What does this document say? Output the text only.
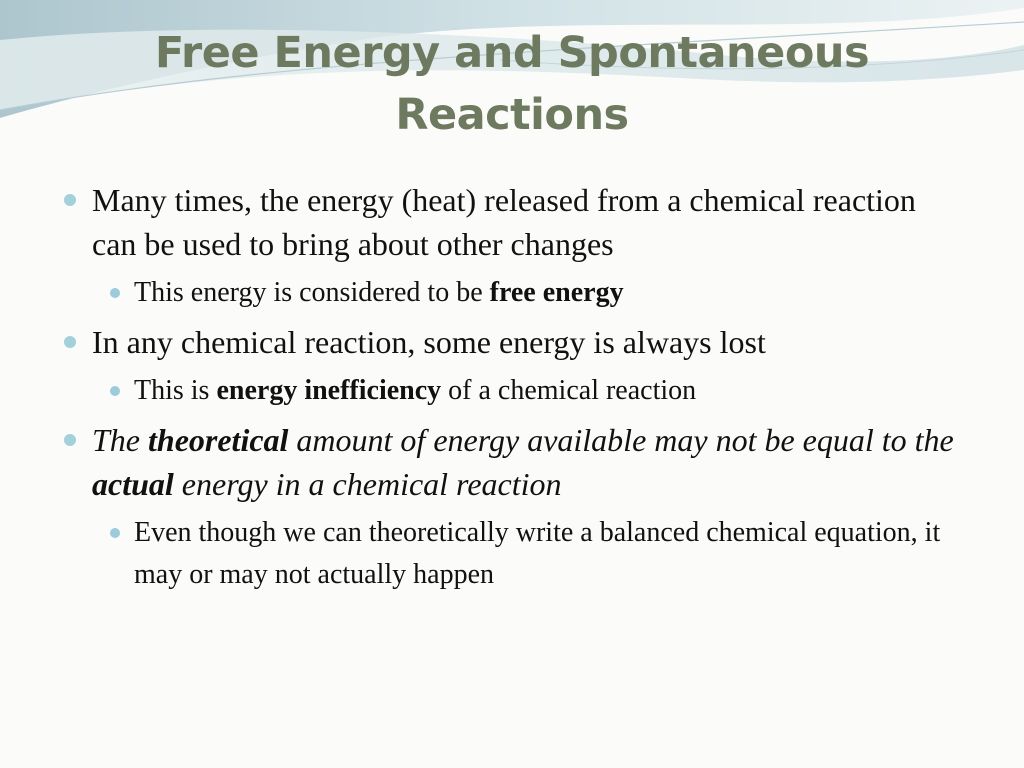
Free Energy and Spontaneous
Reactions
Many times, the energy (heat) released from a chemical reaction can be used to bring about other changes
This energy is considered to be free energy
In any chemical reaction, some energy is always lost
This is energy inefficiency of a chemical reaction
The theoretical amount of energy available may not be equal to the actual energy in a chemical reaction
Even though we can theoretically write a balanced chemical equation, it may or may not actually happen
